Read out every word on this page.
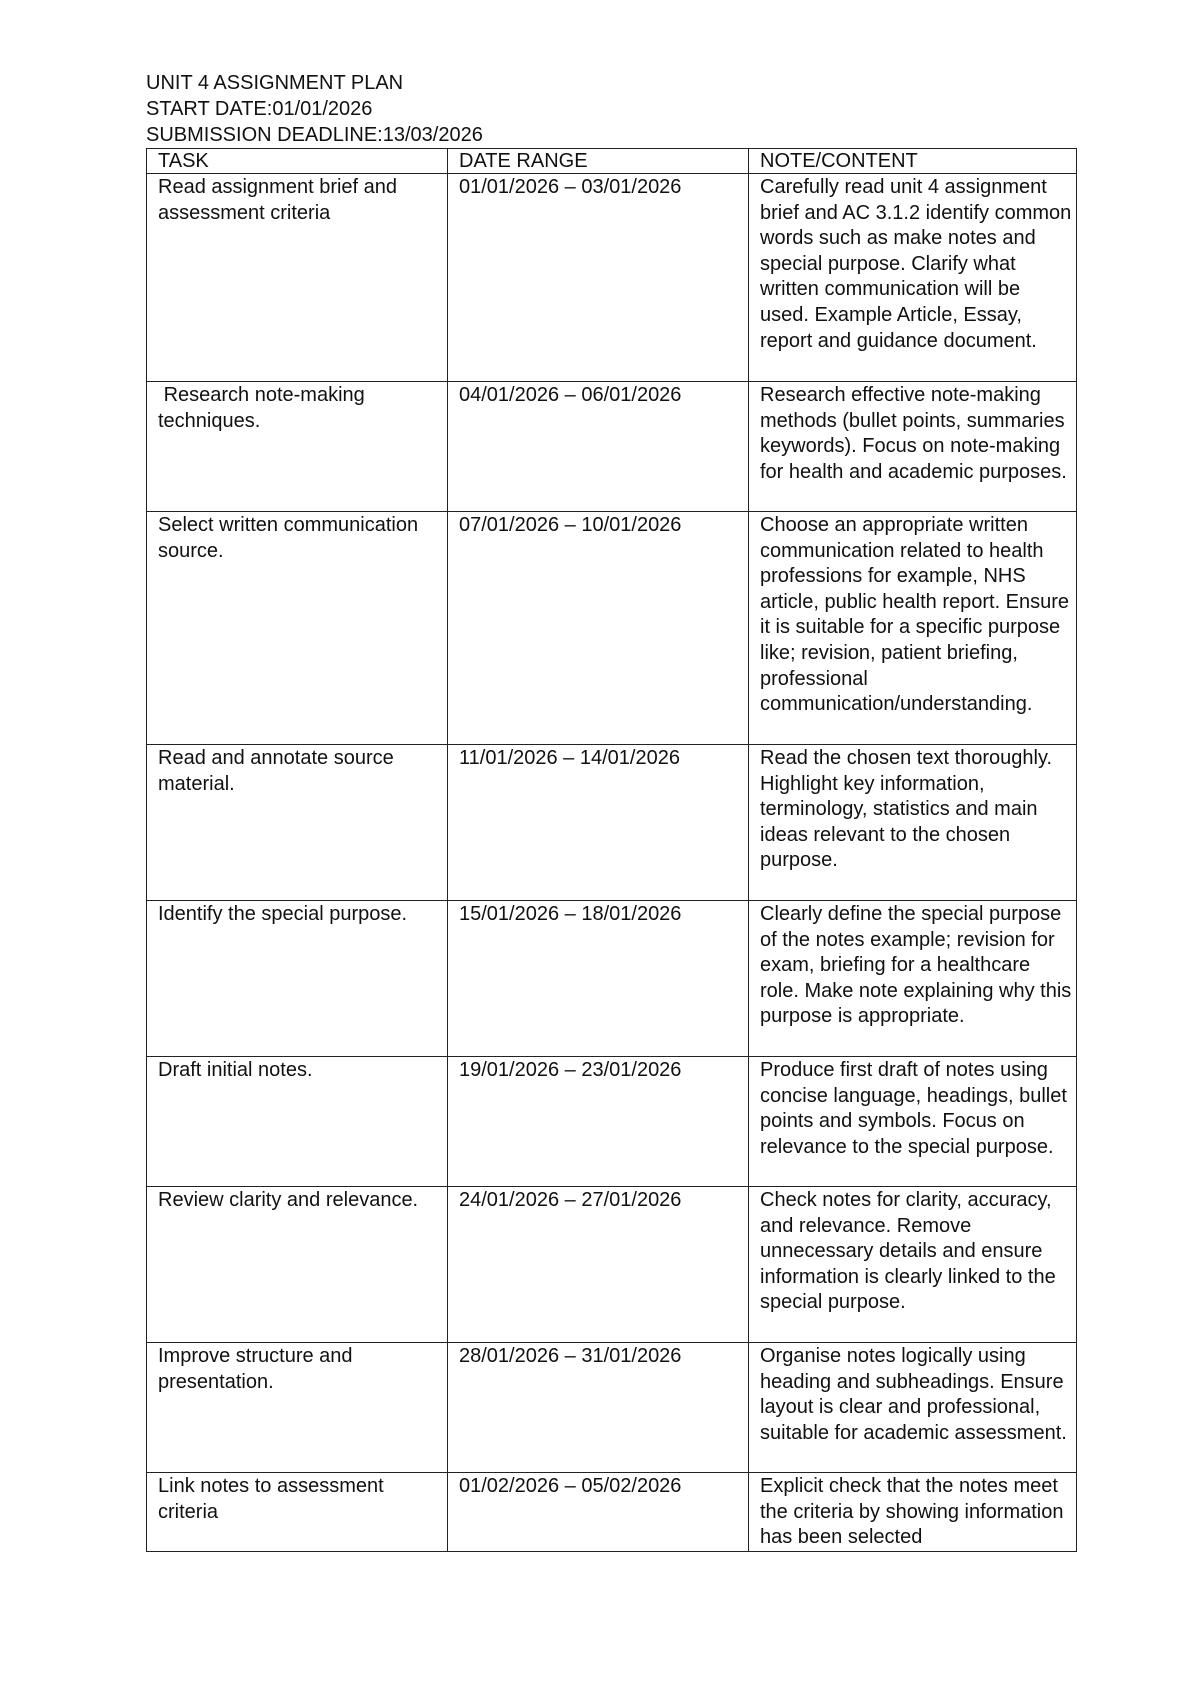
UNIT 4 ASSIGNMENT PLAN
START DATE:01/01/2026
SUBMISSION DEADLINE:13/03/2026
TASK	DATE RANGE	NOTE/CONTENT
Read assignment brief and assessment criteria	01/01/2026 – 03/01/2026	Carefully read unit 4 assignment brief and AC 3.1.2 identify common words such as make notes and special purpose. Clarify what written communication will be used. Example Article, Essay, report and guidance document.
Research note-making techniques.	04/01/2026 – 06/01/2026	Research effective note-making methods (bullet points, summaries keywords). Focus on note-making for health and academic purposes.
Select written communication source.	07/01/2026 – 10/01/2026	Choose an appropriate written communication related to health professions for example, NHS article, public health report. Ensure it is suitable for a specific purpose like; revision, patient briefing, professional communication/understanding.
Read and annotate source material.	11/01/2026 – 14/01/2026	Read the chosen text thoroughly. Highlight key information, terminology, statistics and main ideas relevant to the chosen purpose.
Identify the special purpose.	15/01/2026 – 18/01/2026	Clearly define the special purpose of the notes example; revision for exam, briefing for a healthcare role. Make note explaining why this purpose is appropriate.
Draft initial notes.	19/01/2026 – 23/01/2026	Produce first draft of notes using concise language, headings, bullet points and symbols. Focus on relevance to the special purpose.
Review clarity and relevance.	24/01/2026 – 27/01/2026	Check notes for clarity, accuracy, and relevance. Remove unnecessary details and ensure information is clearly linked to the special purpose.
Improve structure and presentation.	28/01/2026 – 31/01/2026	Organise notes logically using heading and subheadings. Ensure layout is clear and professional, suitable for academic assessment.
Link notes to assessment criteria	01/02/2026 – 05/02/2026	Explicit check that the notes meet the criteria by showing information has been selected
